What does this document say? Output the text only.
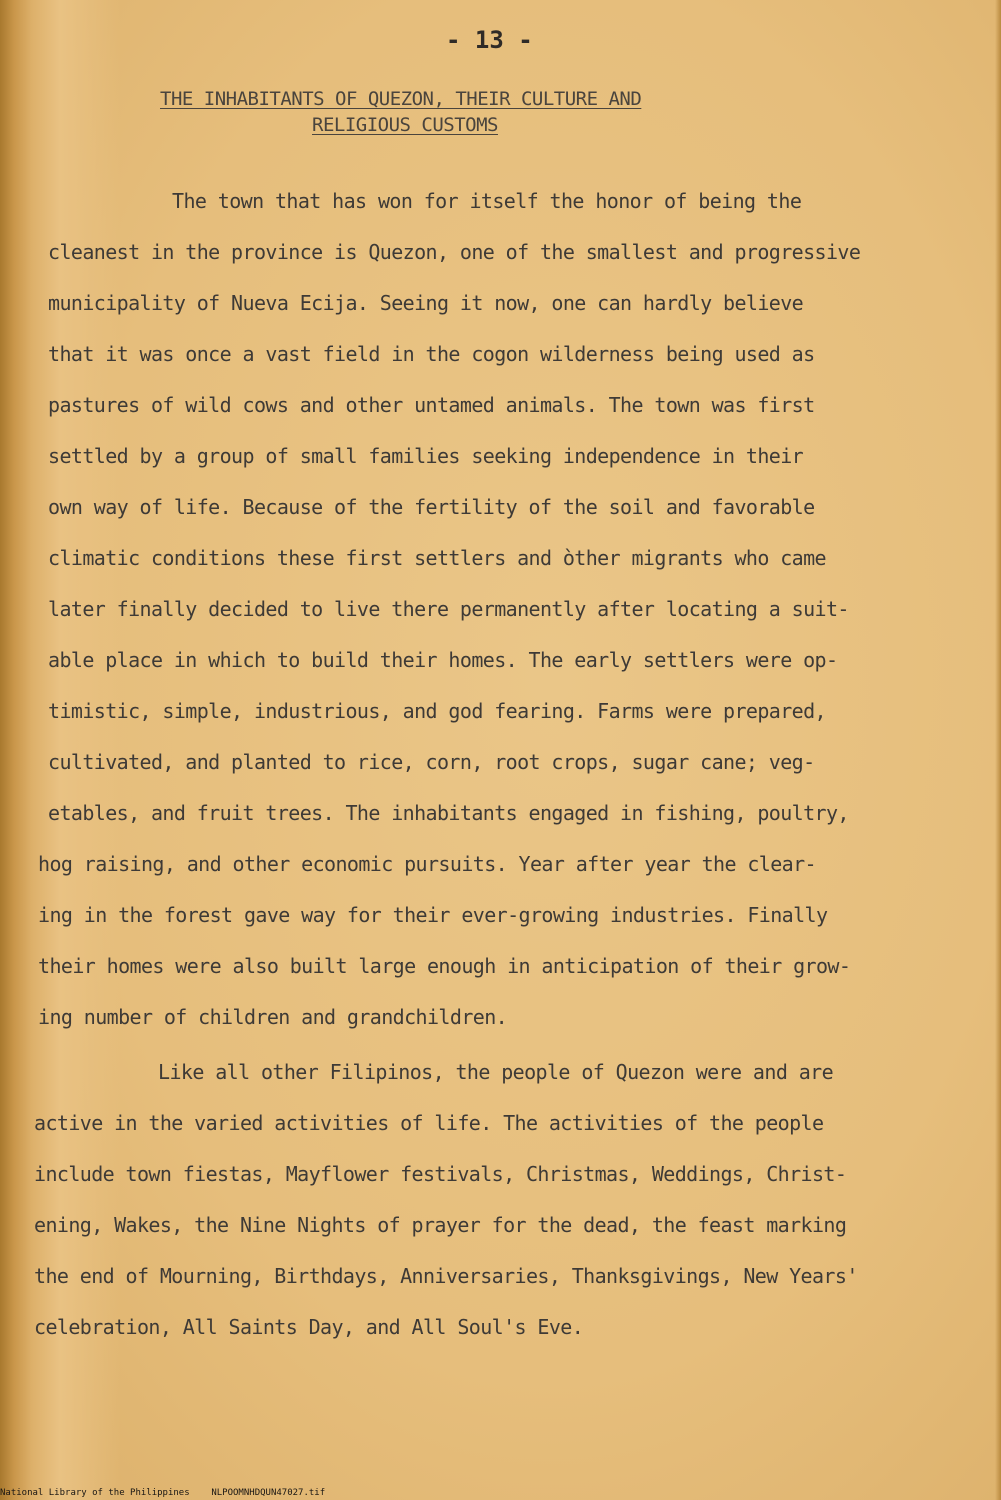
- 13 -
THE INHABITANTS OF QUEZON, THEIR CULTURE AND
RELIGIOUS CUSTOMS
The town that has won for itself the honor of being the
cleanest in the province is Quezon, one of the smallest and progressive
municipality of Nueva Ecija. Seeing it now, one can hardly believe
that it was once a vast field in the cogon wilderness being used as
pastures of wild cows and other untamed animals. The town was first
settled by a group of small families seeking independence in their
own way of life. Because of the fertility of the soil and favorable
climatic conditions these first settlers and òther migrants who came
later finally decided to live there permanently after locating a suit-
able place in which to build their homes. The early settlers were op-
timistic, simple, industrious, and god fearing. Farms were prepared,
cultivated, and planted to rice, corn, root crops, sugar cane; veg-
etables, and fruit trees. The inhabitants engaged in fishing, poultry,
hog raising, and other economic pursuits. Year after year the clear-
ing in the forest gave way for their ever-growing industries. Finally
their homes were also built large enough in anticipation of their grow-
ing number of children and grandchildren.
Like all other Filipinos, the people of Quezon were and are
active in the varied activities of life. The activities of the people
include town fiestas, Mayflower festivals, Christmas, Weddings, Christ-
ening, Wakes, the Nine Nights of prayer for the dead, the feast marking
the end of Mourning, Birthdays, Anniversaries, Thanksgivings, New Years'
celebration, All Saints Day, and All Soul's Eve.
National Library of the Philippines NLPOOMNHDQUN47027.tif
